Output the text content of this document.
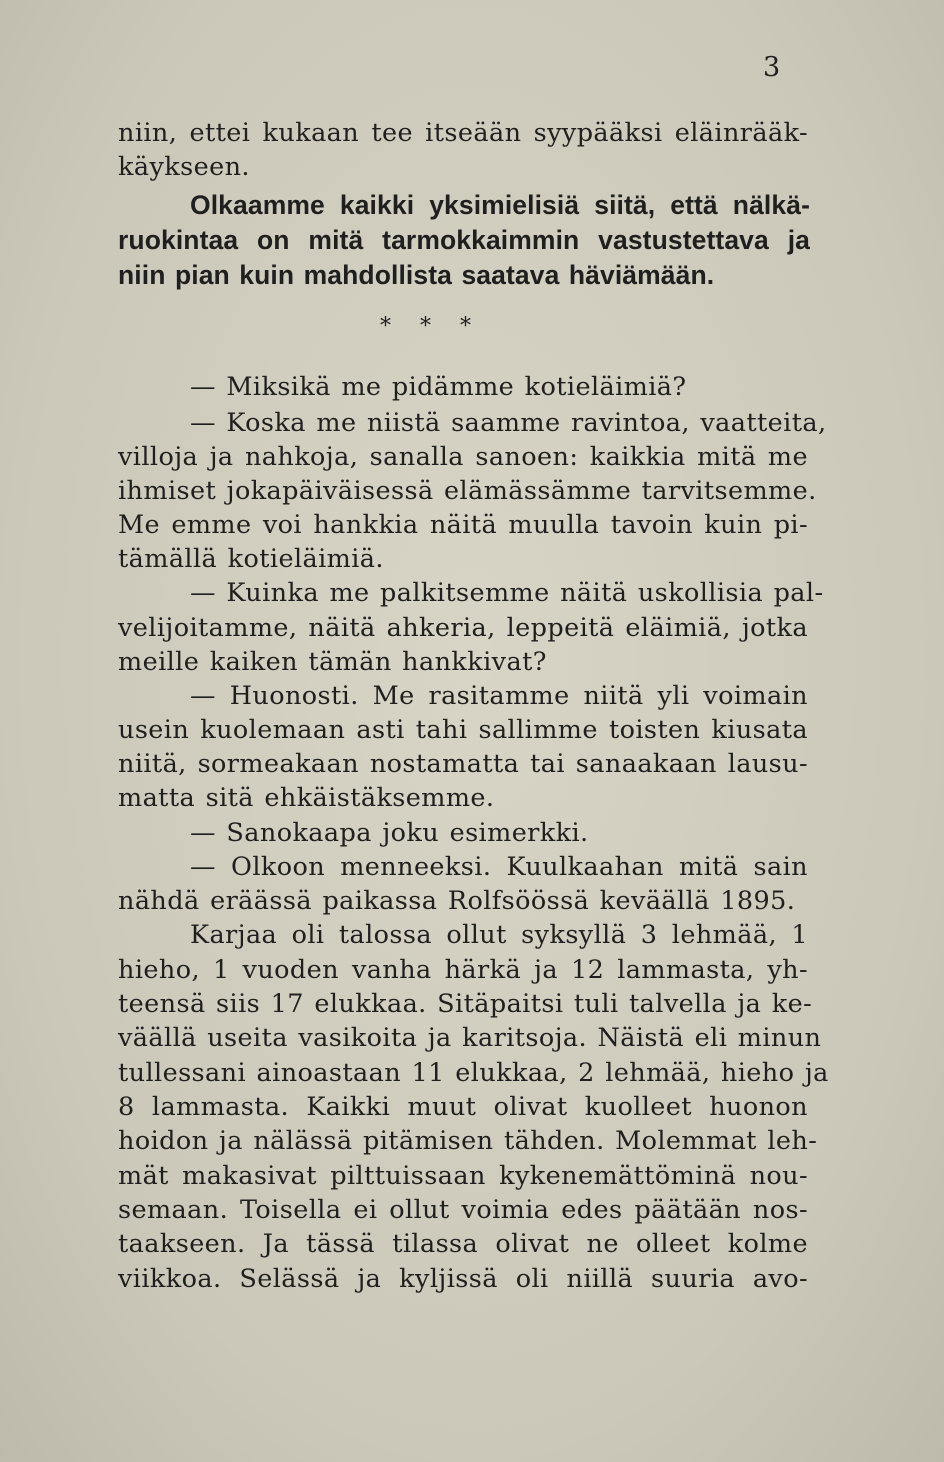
3
niin, ettei kukaan tee itseään syypääksi eläinrääk-
käykseen.
Olkaamme kaikki yksimielisiä siitä, että nälkä-
ruokintaa on mitä tarmokkaimmin vastustettava ja
niin pian kuin mahdollista saatava häviämään.
* * *
— Miksikä me pidämme kotieläimiä?
— Koska me niistä saamme ravintoa, vaatteita,
villoja ja nahkoja, sanalla sanoen: kaikkia mitä me
ihmiset jokapäiväisessä elämässämme tarvitsemme.
Me emme voi hankkia näitä muulla tavoin kuin pi-
tämällä kotieläimiä.
— Kuinka me palkitsemme näitä uskollisia pal-
velijoitamme, näitä ahkeria, leppeitä eläimiä, jotka
meille kaiken tämän hankkivat?
— Huonosti. Me rasitamme niitä yli voimain
usein kuolemaan asti tahi sallimme toisten kiusata
niitä, sormeakaan nostamatta tai sanaakaan lausu-
matta sitä ehkäistäksemme.
— Sanokaapa joku esimerkki.
— Olkoon menneeksi. Kuulkaahan mitä sain
nähdä eräässä paikassa Rolfsöössä keväällä 1895.
Karjaa oli talossa ollut syksyllä 3 lehmää, 1
hieho, 1 vuoden vanha härkä ja 12 lammasta, yh-
teensä siis 17 elukkaa. Sitäpaitsi tuli talvella ja ke-
väällä useita vasikoita ja karitsoja. Näistä eli minun
tullessani ainoastaan 11 elukkaa, 2 lehmää, hieho ja
8 lammasta. Kaikki muut olivat kuolleet huonon
hoidon ja nälässä pitämisen tähden. Molemmat leh-
mät makasivat pilttuissaan kykenemättöminä nou-
semaan. Toisella ei ollut voimia edes päätään nos-
taakseen. Ja tässä tilassa olivat ne olleet kolme
viikkoa. Selässä ja kyljissä oli niillä suuria avo-
